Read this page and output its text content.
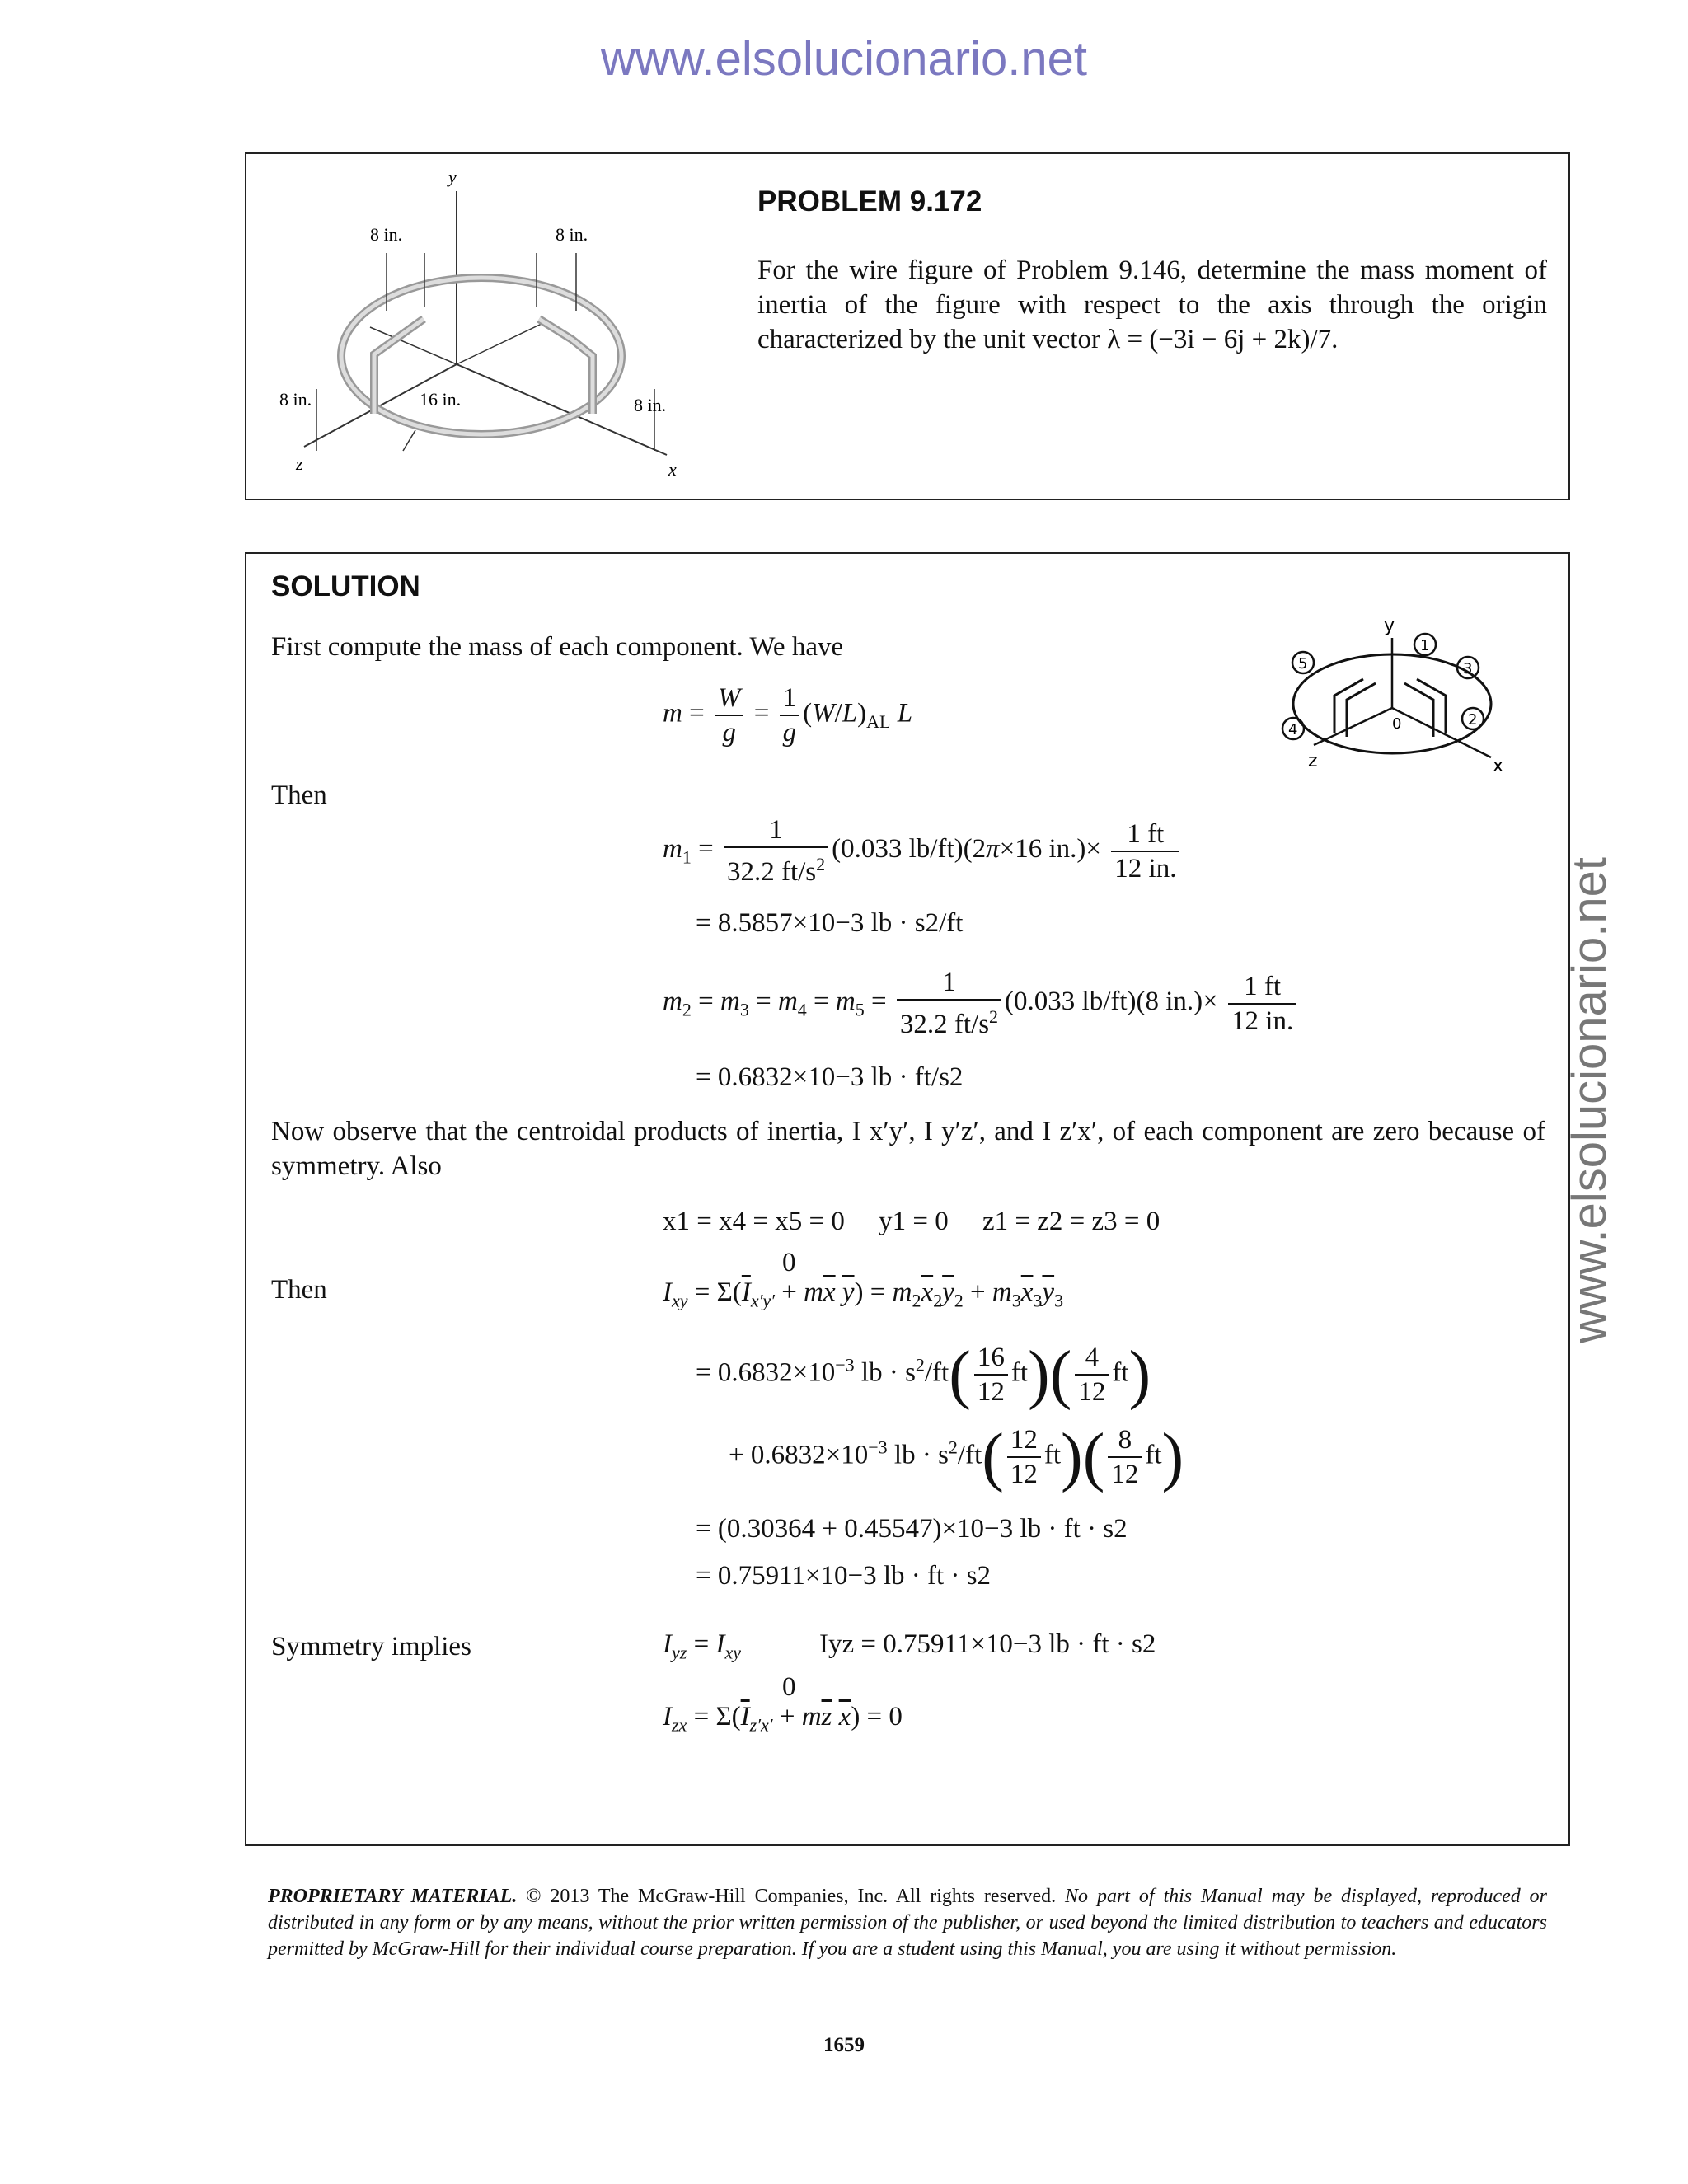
www.elsolucionario.net
www.elsolucionario.net
y
z	x
8 in.	8 in.
8 in.	8 in.
16 in.
PROBLEM 9.172
For the wire figure of Problem 9.146, determine the mass moment of inertia of the figure with respect to the axis through the origin characterized by the unit vector λ = (−3i − 6j + 2k)/7.
SOLUTION
First compute the mass of each component. We have
y
x
z
0
1
2
3
4
5
$m = \frac{W}{g} = \frac{1}{g} (W/L)_{AL}$ L
Then
$m_1 = \frac{1}{32.2 ft/s^2} (0.033$ lb/ft)(2π×16 $in.)\times \frac{1 ft}{12 in.}$
= 8.5857×10−3 lb · s2/ft
$m_2 = m_3 = m_4 = m_5 = \frac{1}{32.2 ft/s^2} (0.033$ lb/ft)(8 $in.)\times \frac{1 ft}{12 in.}$
= 0.6832×10−3 lb · ft/s2
Now observe that the centroidal products of inertia, I x′y′, I y′z′, and I z′x′, of each component are zero because of symmetry. Also
x1 = x4 = x5 = 0     y1 = 0     z1 = z2 = z3 = 0
Then
0
$I_{xy} = \Sigma(\overline{I}_{x'y'} + m\overline{x}$ $\overline{y}) = m_2\overline{x}_2\overline{y}_2 + m_3\overline{x}_3\overline{y}_3$
= $0.6832\times 10^{-3}$ lb · $s^2/ft( \frac{16}{12} ft)( \frac{4}{12} ft)$
+ $0.6832\times 10^{-3}$ lb · $s^2/ft( \frac{12}{12} ft)( \frac{8}{12} ft)$
= (0.30364 + 0.45547)×10−3 lb · ft · s2
= 0.75911×10−3 lb · ft · s2
Symmetry implies	$I_{yz} = I_{xy}$	Iyz = 0.75911×10−3 lb · ft · s2
0
$I_{zx} = \Sigma(\overline{I}_{z'x'} + m\overline{z}$ $\overline{x}) = 0$
PROPRIETARY MATERIAL. © 2013 The McGraw-Hill Companies, Inc. All rights reserved. No part of this Manual may be displayed, reproduced or distributed in any form or by any means, without the prior written permission of the publisher, or used beyond the limited distribution to teachers and educators permitted by McGraw-Hill for their individual course preparation. If you are a student using this Manual, you are using it without permission.
1659
